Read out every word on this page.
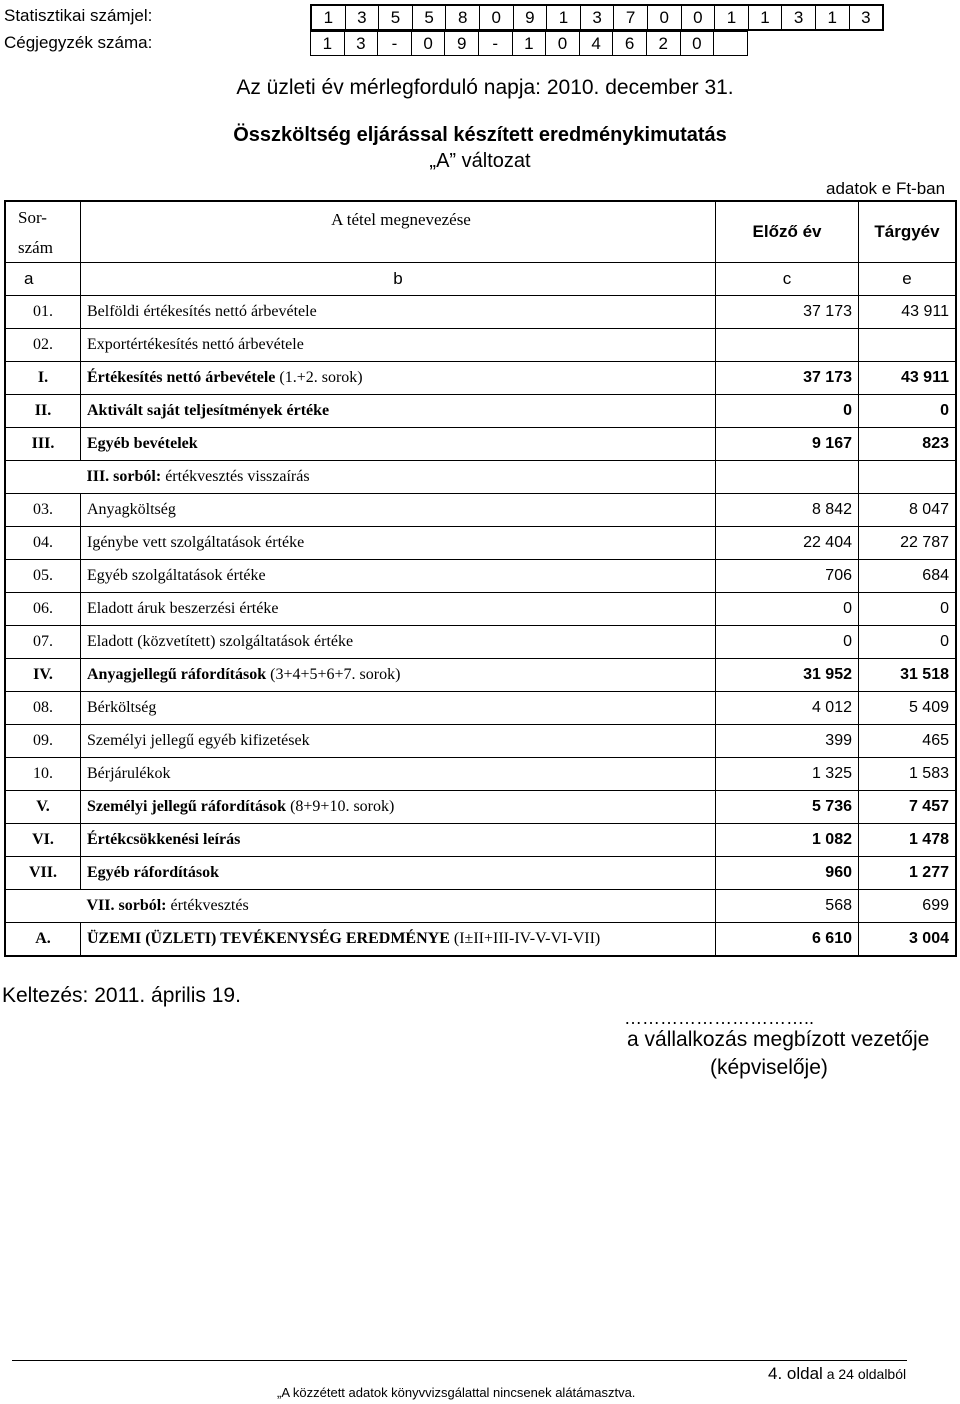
Statisztikai számjel:	1	3	5	5	8	0	9	1	3	7	0	0	1	1	3	1	3
Cégjegyzék száma:	1	3	-	0	9	-	1	0	4	6	2	0	
Az üzleti év mérlegforduló napja: 2010. december 31.
Összköltség eljárással készített eredménykimutatás
„A” változat
adatok e Ft-ban
Sor-
szám	A tétel megnevezése	Előző év	Tárgyév
a	b	c	e
01.	Belföldi értékesítés nettó árbevétele	37 173	43 911
02.	Exportértékesítés nettó árbevétele		
I.	Értékesítés nettó árbevétele (1.+2. sorok)	37 173	43 911
II.	Aktivált saját teljesítmények értéke	0	0
III.	Egyéb bevételek	9 167	823
	III. sorból: értékvesztés visszaírás		
03.	Anyagköltség	8 842	8 047
04.	Igénybe vett szolgáltatások értéke	22 404	22 787
05.	Egyéb szolgáltatások értéke	706	684
06.	Eladott áruk beszerzési értéke	0	0
07.	Eladott (közvetített) szolgáltatások értéke	0	0
IV.	Anyagjellegű ráfordítások (3+4+5+6+7. sorok)	31 952	31 518
08.	Bérköltség	4 012	5 409
09.	Személyi jellegű egyéb kifizetések	399	465
10.	Bérjárulékok	1 325	1 583
V.	Személyi jellegű ráfordítások (8+9+10. sorok)	5 736	7 457
VI.	Értékcsökkenési leírás	1 082	1 478
VII.	Egyéb ráfordítások	960	1 277
	VII. sorból: értékvesztés	568	699
A.	ÜZEMI (ÜZLETI) TEVÉKENYSÉG EREDMÉNYE (I±II+III-IV-V-VI-VII)	6 610	3 004
Keltezés: 2011. április 19.
…………………………..
a vállalkozás megbízott vezetője
(képviselője)
4. oldal a 24 oldalból
„A közzétett adatok könyvvizsgálattal nincsenek alátámasztva.
